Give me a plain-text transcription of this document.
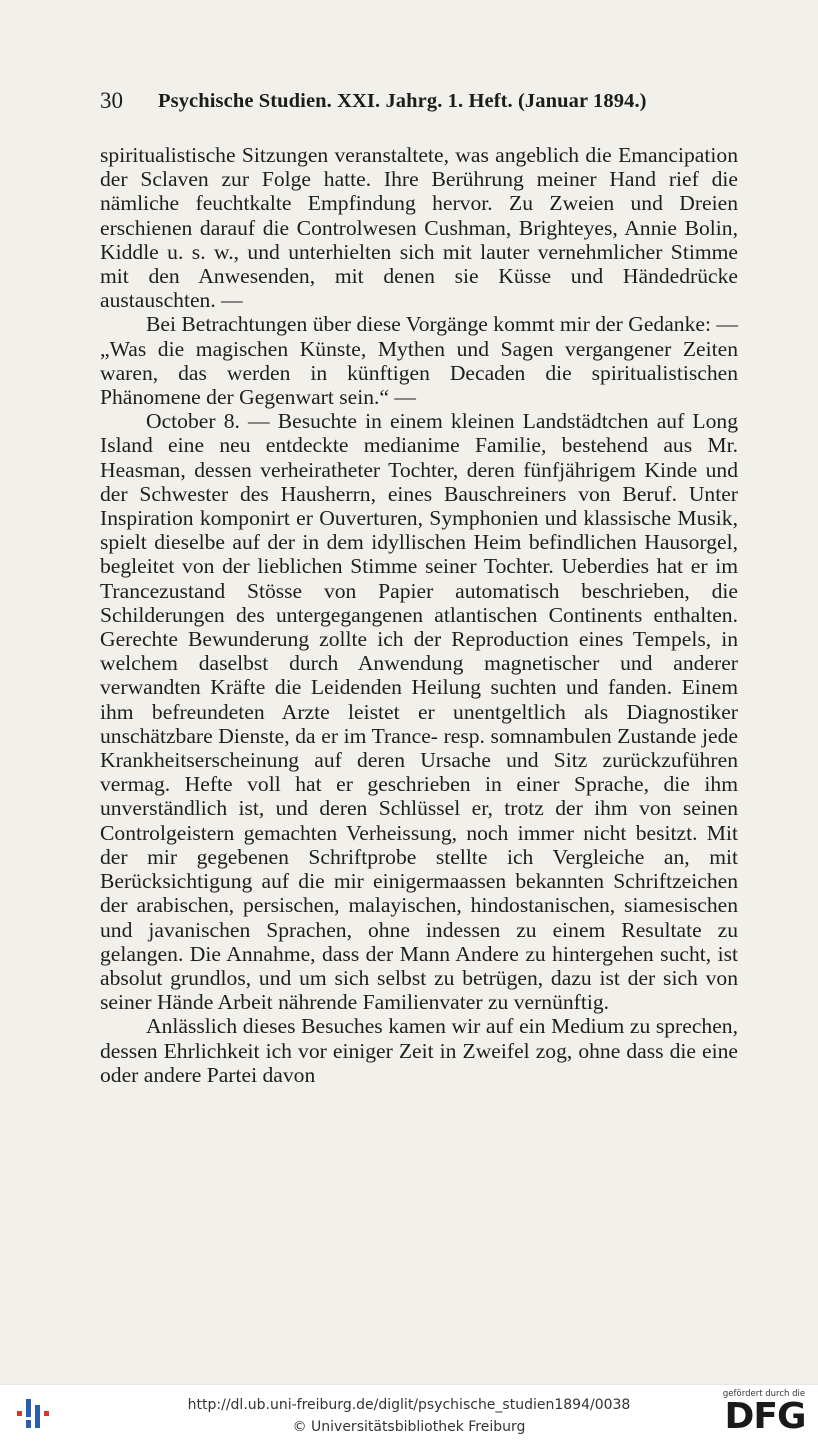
30 Psychische Studien. XXI. Jahrg. 1. Heft. (Januar 1894.)

spiritualistische Sitzungen veranstaltete, was angeblich die Emancipation der Sclaven zur Folge hatte. Ihre Berührung meiner Hand rief die nämliche feuchtkalte Empfindung hervor. Zu Zweien und Dreien erschienen darauf die Controlwesen Cushman, Brighteyes, Annie Bolin, Kiddle u. s. w., und unterhielten sich mit lauter vernehmlicher Stimme mit den Anwesenden, mit denen sie Küsse und Händedrücke austauschten. —

Bei Betrachtungen über diese Vorgänge kommt mir der Gedanke: — „Was die magischen Künste, Mythen und Sagen vergangener Zeiten waren, das werden in künftigen Decaden die spiritualistischen Phänomene der Gegenwart sein.“ —

October 8. — Besuchte in einem kleinen Landstädtchen auf Long Island eine neu entdeckte medianime Familie, bestehend aus Mr. Heasman, dessen verheiratheter Tochter, deren fünfjährigem Kinde und der Schwester des Hausherrn, eines Bauschreiners von Beruf. Unter Inspiration komponirt er Ouverturen, Symphonien und klassische Musik, spielt dieselbe auf der in dem idyllischen Heim befindlichen Hausorgel, begleitet von der lieblichen Stimme seiner Tochter. Ueberdies hat er im Trancezustand Stösse von Papier automatisch beschrieben, die Schilderungen des untergegangenen atlantischen Continents enthalten. Gerechte Bewunderung zollte ich der Reproduction eines Tempels, in welchem daselbst durch Anwendung magnetischer und anderer verwandten Kräfte die Leidenden Heilung suchten und fanden. Einem ihm befreundeten Arzte leistet er unentgeltlich als Diagnostiker unschätzbare Dienste, da er im Trance- resp. somnambulen Zustande jede Krankheitserscheinung auf deren Ursache und Sitz zurückzuführen vermag. Hefte voll hat er geschrieben in einer Sprache, die ihm unverständlich ist, und deren Schlüssel er, trotz der ihm von seinen Controlgeistern gemachten Verheissung, noch immer nicht besitzt. Mit der mir gegebenen Schriftprobe stellte ich Vergleiche an, mit Berücksichtigung auf die mir einigermaassen bekannten Schriftzeichen der arabischen, persischen, malayischen, hindostanischen, siamesischen und javanischen Sprachen, ohne indessen zu einem Resultate zu gelangen. Die Annahme, dass der Mann Andere zu hintergehen sucht, ist absolut grundlos, und um sich selbst zu betrügen, dazu ist der sich von seiner Hände Arbeit nährende Familienvater zu vernünftig.

Anlässlich dieses Besuches kamen wir auf ein Medium zu sprechen, dessen Ehrlichkeit ich vor einiger Zeit in Zweifel zog, ohne dass die eine oder andere Partei davon

http://dl.ub.uni-freiburg.de/diglit/psychische_studien1894/0038
© Universitätsbibliothek Freiburg
gefördert durch die
DFG
